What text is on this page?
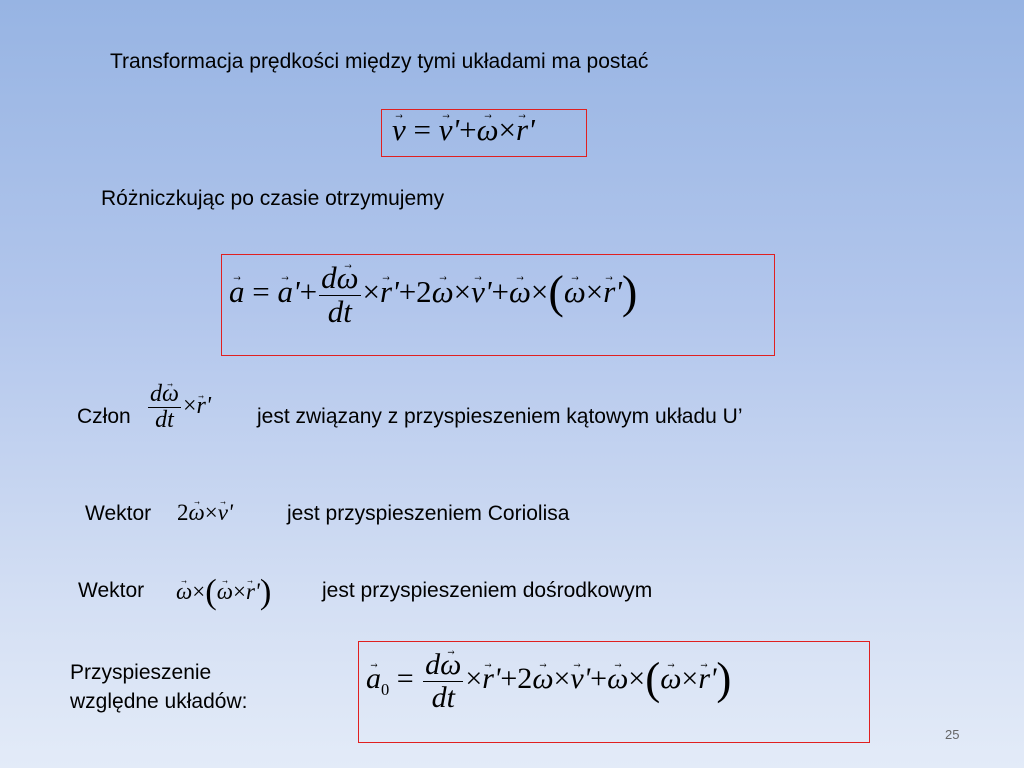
Transformacja prędkości między tymi układami ma postać
→ v = → v'+→ ω×→ r'
Różniczkując po czasie otrzymujemy
→ a = → $a'+ \frac{d\to \omega}{dt} \times\to r'+2\to \omega\times\to v'+\to \omega\times(\to \omega\times\to r')$
Człon $\frac{d\to \omega}{dt} \times\to r'$ jest związany z przyspieszeniem kątowym układu U’
Wektor 2→ ω×→ v'	jest przyspieszeniem Coriolisa
Wektor → ω×(→ ω×→ r') jest przyspieszeniem dośrodkowym
Przyspieszenie
względne układów:
→ $a_0 = \frac{d\to \omega}{dt} \times\to r'+2\to \omega\times\to v'+\to \omega\times(\to \omega\times\to r')$
25
